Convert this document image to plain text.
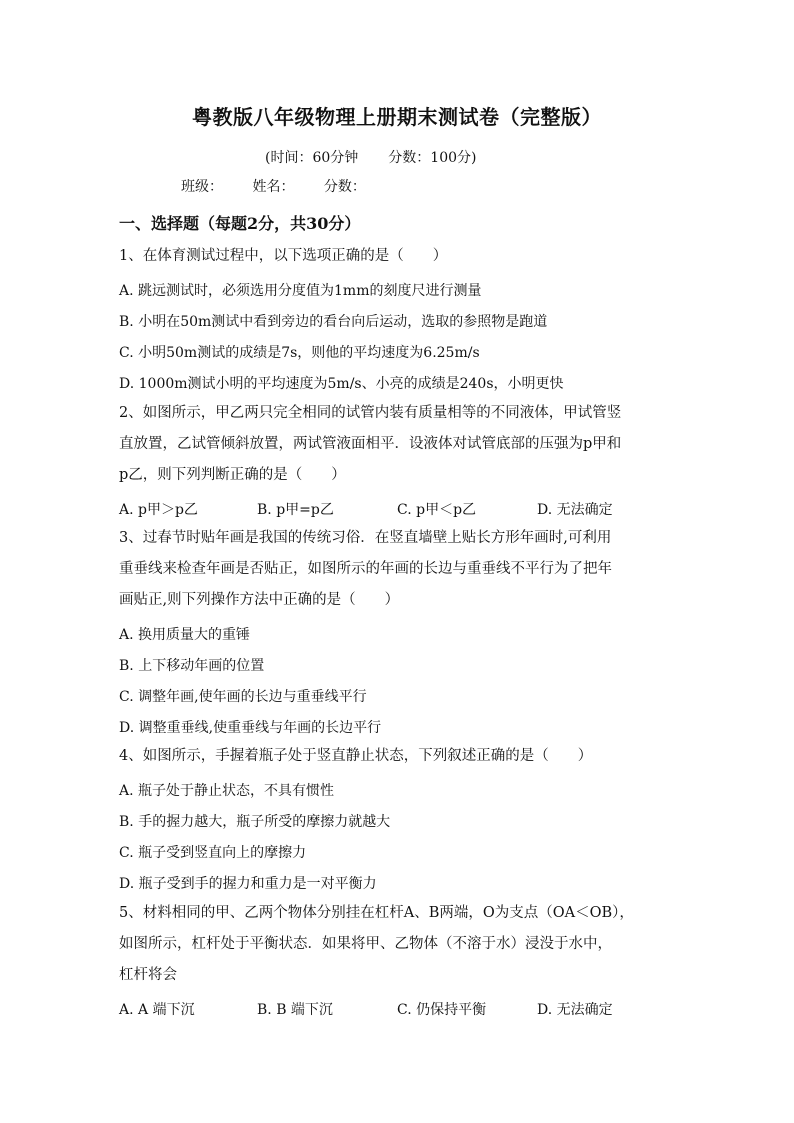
粤教版八年级物理上册期末测试卷（完整版）
(时间：60分钟 分数：100分)
班级： 姓名： 分数：
一、选择题（每题2分，共30分）
1、在体育测试过程中，以下选项正确的是（　　）
A. 跳远测试时，必须选用分度值为1mm的刻度尺进行测量
B. 小明在50m测试中看到旁边的看台向后运动，选取的参照物是跑道
C. 小明50m测试的成绩是7s，则他的平均速度为6.25m/s
D. 1000m测试小明的平均速度为5m/s、小亮的成绩是240s，小明更快
2、如图所示，甲乙两只完全相同的试管内装有质量相等的不同液体，甲试管竖
直放置，乙试管倾斜放置，两试管液面相平．设液体对试管底部的压强为p甲和
p乙，则下列判断正确的是（　　）
A. p甲＞p乙	B. p甲=p乙	C. p甲＜p乙	D. 无法确定
3、过春节时贴年画是我国的传统习俗．在竖直墙壁上贴长方形年画时,可利用
重垂线来检查年画是否贴正，如图所示的年画的长边与重垂线不平行为了把年
画贴正,则下列操作方法中正确的是（　　）
A. 换用质量大的重锤
B. 上下移动年画的位置
C. 调整年画,使年画的长边与重垂线平行
D. 调整重垂线,使重垂线与年画的长边平行
4、如图所示，手握着瓶子处于竖直静止状态，下列叙述正确的是（　　）
A. 瓶子处于静止状态，不具有惯性
B. 手的握力越大，瓶子所受的摩擦力就越大
C. 瓶子受到竖直向上的摩擦力
D. 瓶子受到手的握力和重力是一对平衡力
5、材料相同的甲、乙两个物体分别挂在杠杆A、B两端，O为支点（OA＜OB），
如图所示，杠杆处于平衡状态．如果将甲、乙物体（不溶于水）浸没于水中，
杠杆将会
A. A 端下沉	B. B 端下沉	C. 仍保持平衡	D. 无法确定
